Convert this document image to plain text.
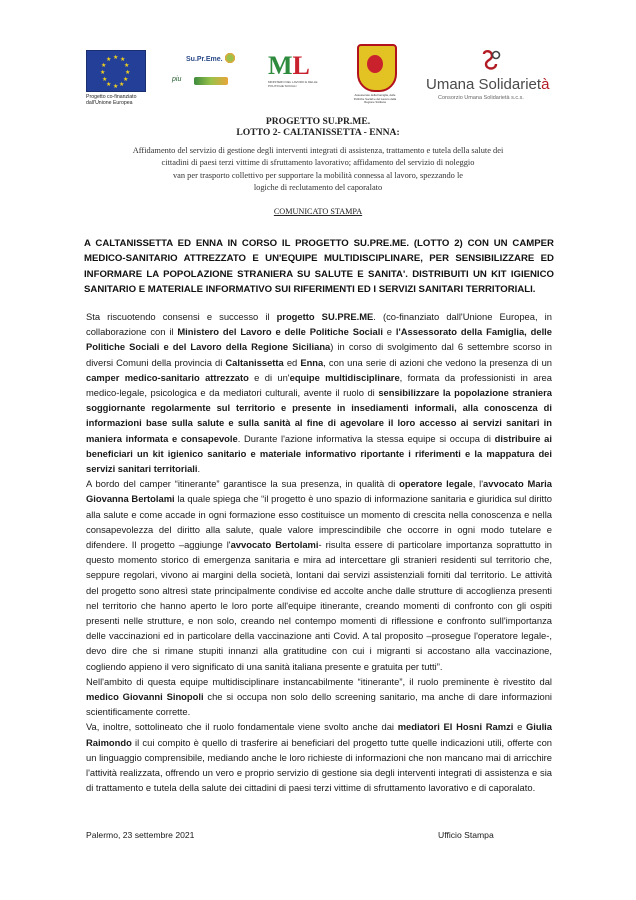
★ ★
★
★
★
★
★
★
★
★
★
★
Progetto co-finanziato
dall'Unione Europea
Su.Pr.Eme.
piu	ML
MINISTERO DEL LAVORO E DELLE POLITICHE SOCIALI
Assessorato della Famiglia, delle Politiche Sociali e del Lavoro della Regione Siciliana
Umana Solidarietà
Consorzio Umana Solidarietà s.c.s.
PROGETTO SU.PR.ME.
LOTTO 2- CALTANISSETTA - ENNA:
Affidamento del servizio di gestione degli interventi integrati di assistenza, trattamento e tutela della salute dei
cittadini di paesi terzi vittime di sfruttamento lavorativo; affidamento del servizio di noleggio
van per trasporto collettivo per supportare la mobilità connessa al lavoro, spezzando le
logiche di reclutamento del caporalato
COMUNICATO STAMPA
A CALTANISSETTA ED ENNA IN CORSO IL PROGETTO SU.PRE.ME. (LOTTO 2) CON UN CAMPER MEDICO-SANITARIO ATTREZZATO E UN'EQUIPE MULTIDISCIPLINARE, PER SENSIBILIZZARE ED INFORMARE LA POPOLAZIONE STRANIERA SU SALUTE E SANITA'. DISTRIBUITI UN KIT IGIENICO SANITARIO E MATERIALE INFORMATIVO SUI RIFERIMENTI ED I SERVIZI SANITARI TERRITORIALI.

Sta riscuotendo consensi e successo il progetto SU.PRE.ME. (co-finanziato dall'Unione Europea, in collaborazione con il Ministero del Lavoro e delle Politiche Sociali e l'Assessorato della Famiglia, delle Politiche Sociali e del Lavoro della Regione Siciliana) in corso di svolgimento dal 6 settembre scorso in diversi Comuni della provincia di Caltanissetta ed Enna, con una serie di azioni che vedono la presenza di un camper medico-sanitario attrezzato e di un'equipe multidisciplinare, formata da professionisti in area medico-legale, psicologica e da mediatori culturali, avente il ruolo di sensibilizzare la popolazione straniera soggiornante regolarmente sul territorio e presente in insediamenti informali, alla conoscenza di informazioni base sulla salute e sulla sanità al fine di agevolare il loro accesso ai servizi sanitari in maniera informata e consapevole. Durante l'azione informativa la stessa equipe si occupa di distribuire ai beneficiari un kit igienico sanitario e materiale informativo riportante i riferimenti e la mappatura dei servizi sanitari territoriali.

A bordo del camper “itinerante” garantisce la sua presenza, in qualità di operatore legale, l'avvocato Maria Giovanna Bertolami la quale spiega che “il progetto è uno spazio di informazione sanitaria e giuridica sul diritto alla salute e come accade in ogni formazione esso costituisce un momento di crescita nella conoscenza e nella consapevolezza del diritto alla salute, quale valore imprescindibile che occorre in ogni modo tutelare e difendere. Il progetto –aggiunge l'avvocato Bertolami- risulta essere di particolare importanza soprattutto in questo momento storico di emergenza sanitaria e mira ad intercettare gli stranieri residenti sul territorio che, seppure regolari, vivono ai margini della società, lontani dai servizi assistenziali forniti dal territorio. Le attività del progetto sono altresì state principalmente condivise ed accolte anche dalle strutture di accoglienza presenti nel territorio che hanno aperto le loro porte all'equipe itinerante, creando momenti di confronto con gli ospiti presenti nelle strutture, e non solo, creando nel contempo momenti di riflessione e confronto sull'importanza delle vaccinazioni ed in particolare della vaccinazione anti Covid. A tal proposito –prosegue l'operatore legale-, devo dire che si rimane stupiti innanzi alla gratitudine con cui i migranti si accostano alla vaccinazione, cogliendo appieno il vero significato di una sanità italiana presente e gratuita per tutti”.

Nell'ambito di questa equipe multidisciplinare instancabilmente “itinerante”, il ruolo preminente è rivestito dal medico Giovanni Sinopoli che si occupa non solo dello screening sanitario, ma anche di dare informazioni scientificamente corrette.

Va, inoltre, sottolineato che il ruolo fondamentale viene svolto anche dai mediatori El Hosni Ramzi e Giulia Raimondo il cui compito è quello di trasferire ai beneficiari del progetto tutte quelle indicazioni utili, offerte con un linguaggio comprensibile, mediando anche le loro richieste di informazioni che non mancano mai di arricchire l'attività realizzata, offrendo un vero e proprio servizio di gestione sia degli interventi integrati di assistenza e sia di trattamento e tutela della salute dei cittadini di paesi terzi vittime di sfruttamento lavorativo e di caporalato.

Palermo, 23 settembre 2021	Ufficio Stampa
